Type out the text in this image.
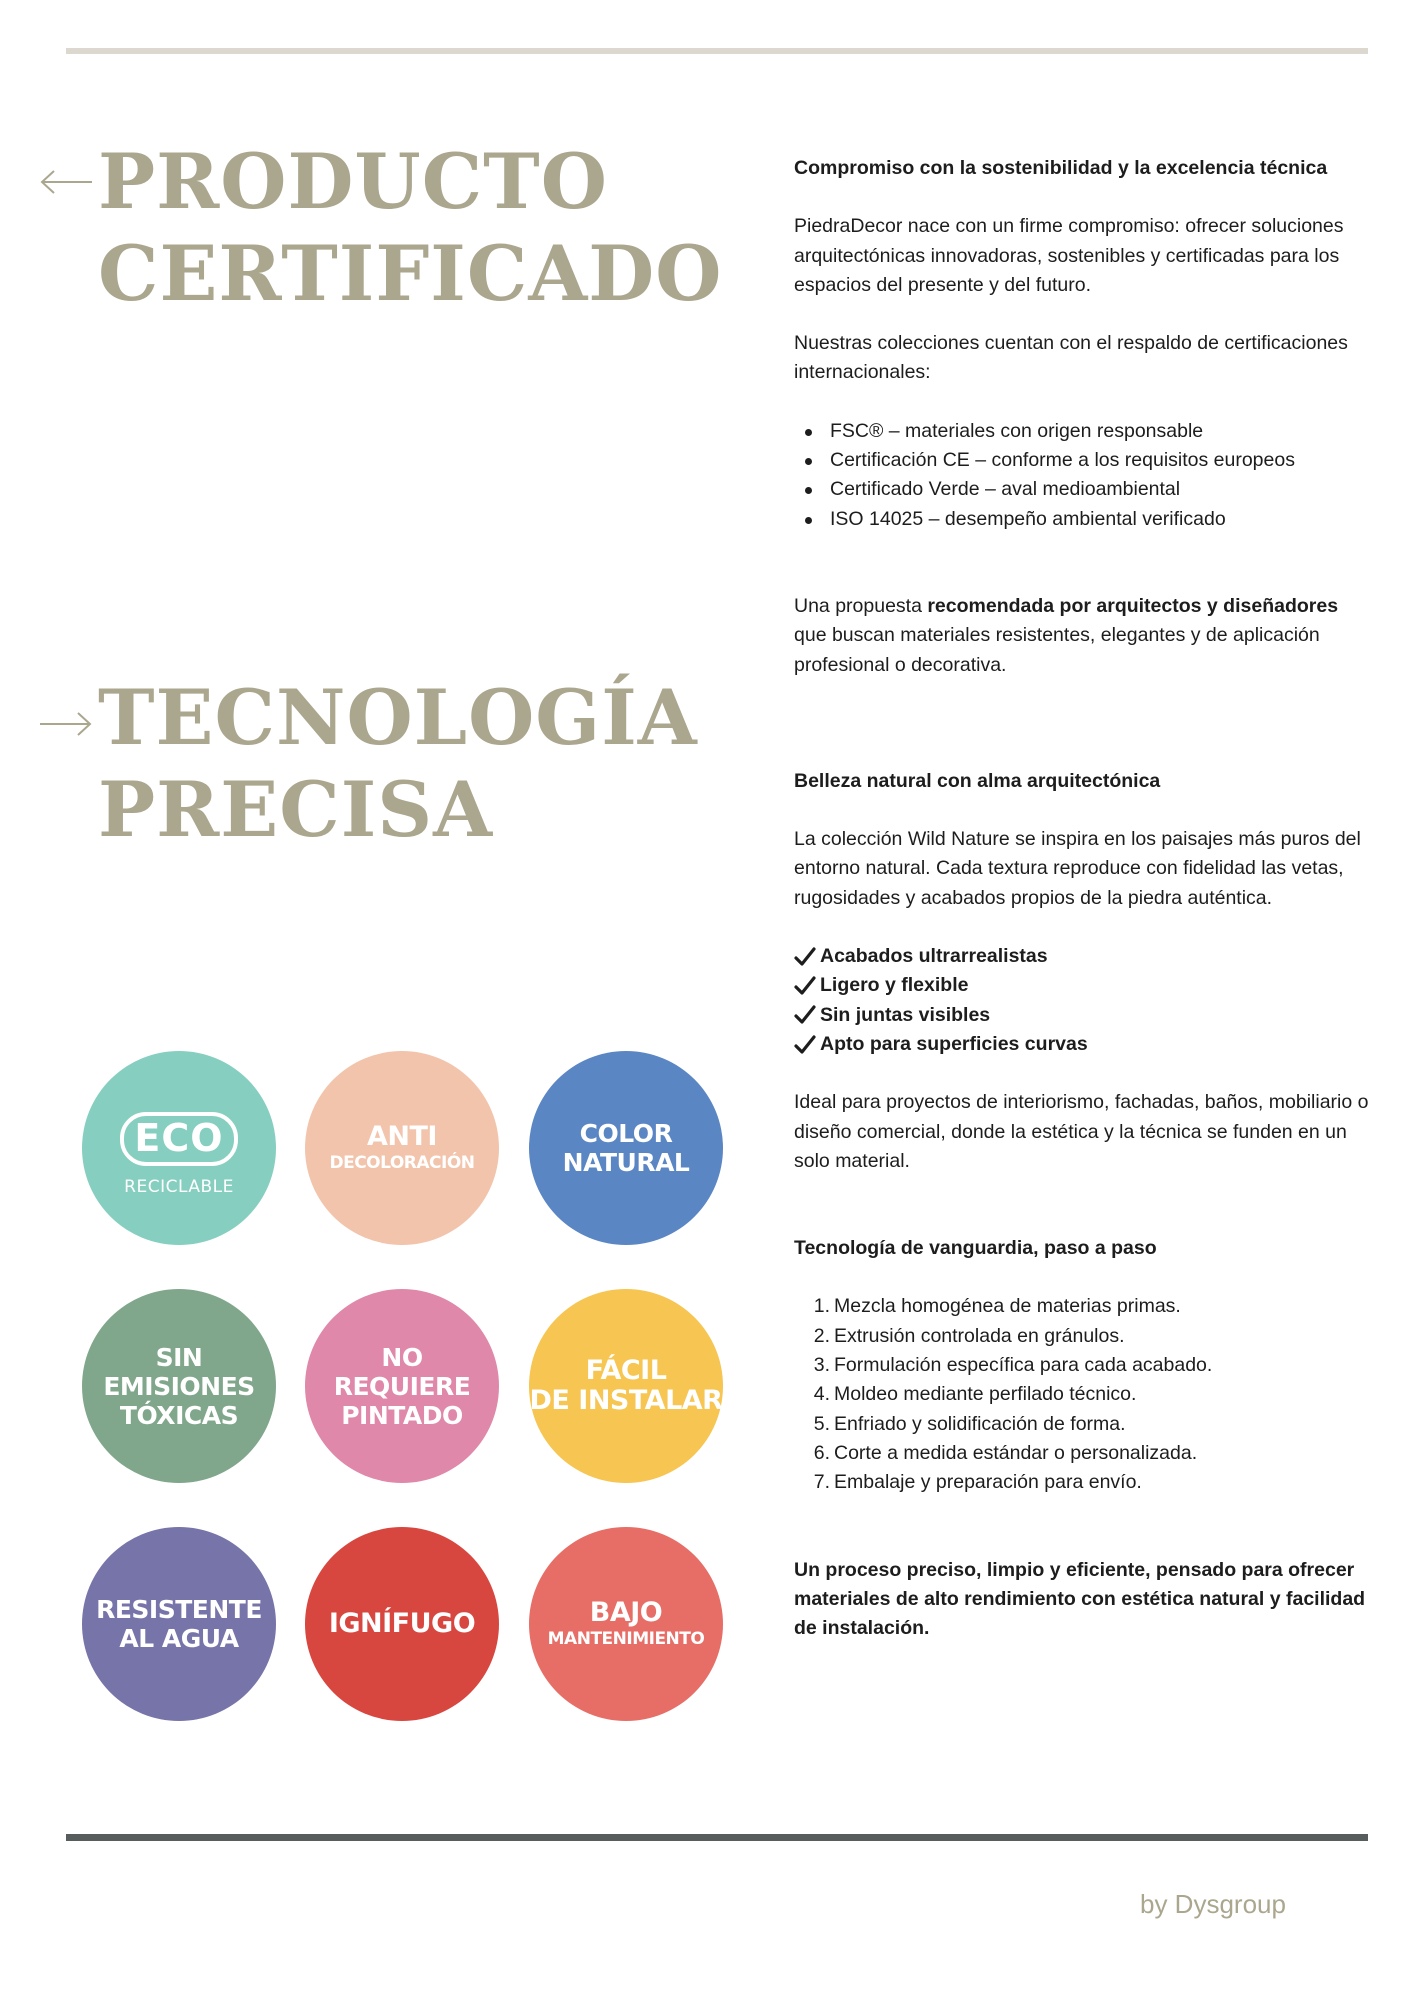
PRODUCTO
CERTIFICADO
TECNOLOGÍA
PRECISA

Compromiso con la sostenibilidad y la excelencia técnica

PiedraDecor nace con un firme compromiso: ofrecer soluciones arquitectónicas innovadoras, sostenibles y certificadas para los espacios del presente y del futuro.

Nuestras colecciones cuentan con el respaldo de certificaciones internacionales:

FSC® – materiales con origen responsable
Certificación CE – conforme a los requisitos europeos
Certificado Verde – aval medioambiental
ISO 14025 – desempeño ambiental verificado

Una propuesta recomendada por arquitectos y diseñadores que buscan materiales resistentes, elegantes y de aplicación profesional o decorativa.

Belleza natural con alma arquitectónica

La colección Wild Nature se inspira en los paisajes más puros del entorno natural. Cada textura reproduce con fidelidad las vetas, rugosidades y acabados propios de la piedra auténtica.

Acabados ultrarrealistas
Ligero y flexible
Sin juntas visibles
Apto para superficies curvas

Ideal para proyectos de interiorismo, fachadas, baños, mobiliario o diseño comercial, donde la estética y la técnica se funden en un solo material.

Tecnología de vanguardia, paso a paso

1. Mezcla homogénea de materias primas.
2. Extrusión controlada en gránulos.
3. Formulación específica para cada acabado.
4. Moldeo mediante perfilado técnico.
5. Enfriado y solidificación de forma.
6. Corte a medida estándar o personalizada.
7. Embalaje y preparación para envío.

Un proceso preciso, limpio y eficiente, pensado para ofrecer materiales de alto rendimiento con estética natural y facilidad de instalación.

ECO
RECICLABLE
ANTI
DECOLORACIÓN
COLOR
NATURAL
SIN
EMISIONES
TÓXICAS
NO
REQUIERE
PINTADO
FÁCIL
DE INSTALAR
RESISTENTE
AL AGUA	IGNÍFUGO	BAJO
MANTENIMIENTO

by Dysgroup
